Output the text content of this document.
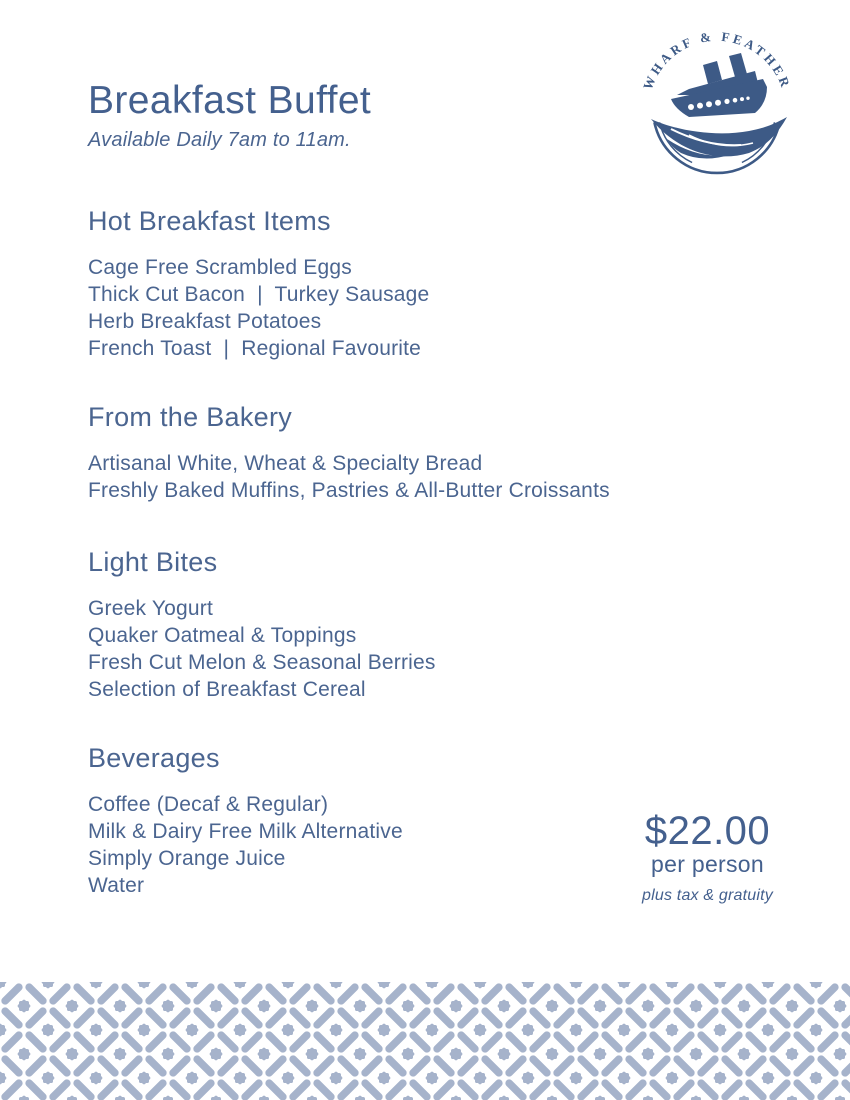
Breakfast Buffet
Available Daily 7am to 11am.
WHARF & FEATHER
Hot Breakfast Items
Cage Free Scrambled Eggs
Thick Cut Bacon  |  Turkey Sausage
Herb Breakfast Potatoes
French Toast  |  Regional Favourite
From the Bakery
Artisanal White, Wheat & Specialty Bread
Freshly Baked Muffins, Pastries & All-Butter Croissants
Light Bites
Greek Yogurt
Quaker Oatmeal & Toppings
Fresh Cut Melon & Seasonal Berries
Selection of Breakfast Cereal
Beverages
Coffee (Decaf & Regular)
Milk & Dairy Free Milk Alternative
Simply Orange Juice
Water
$22.00
per person
plus tax & gratuity
